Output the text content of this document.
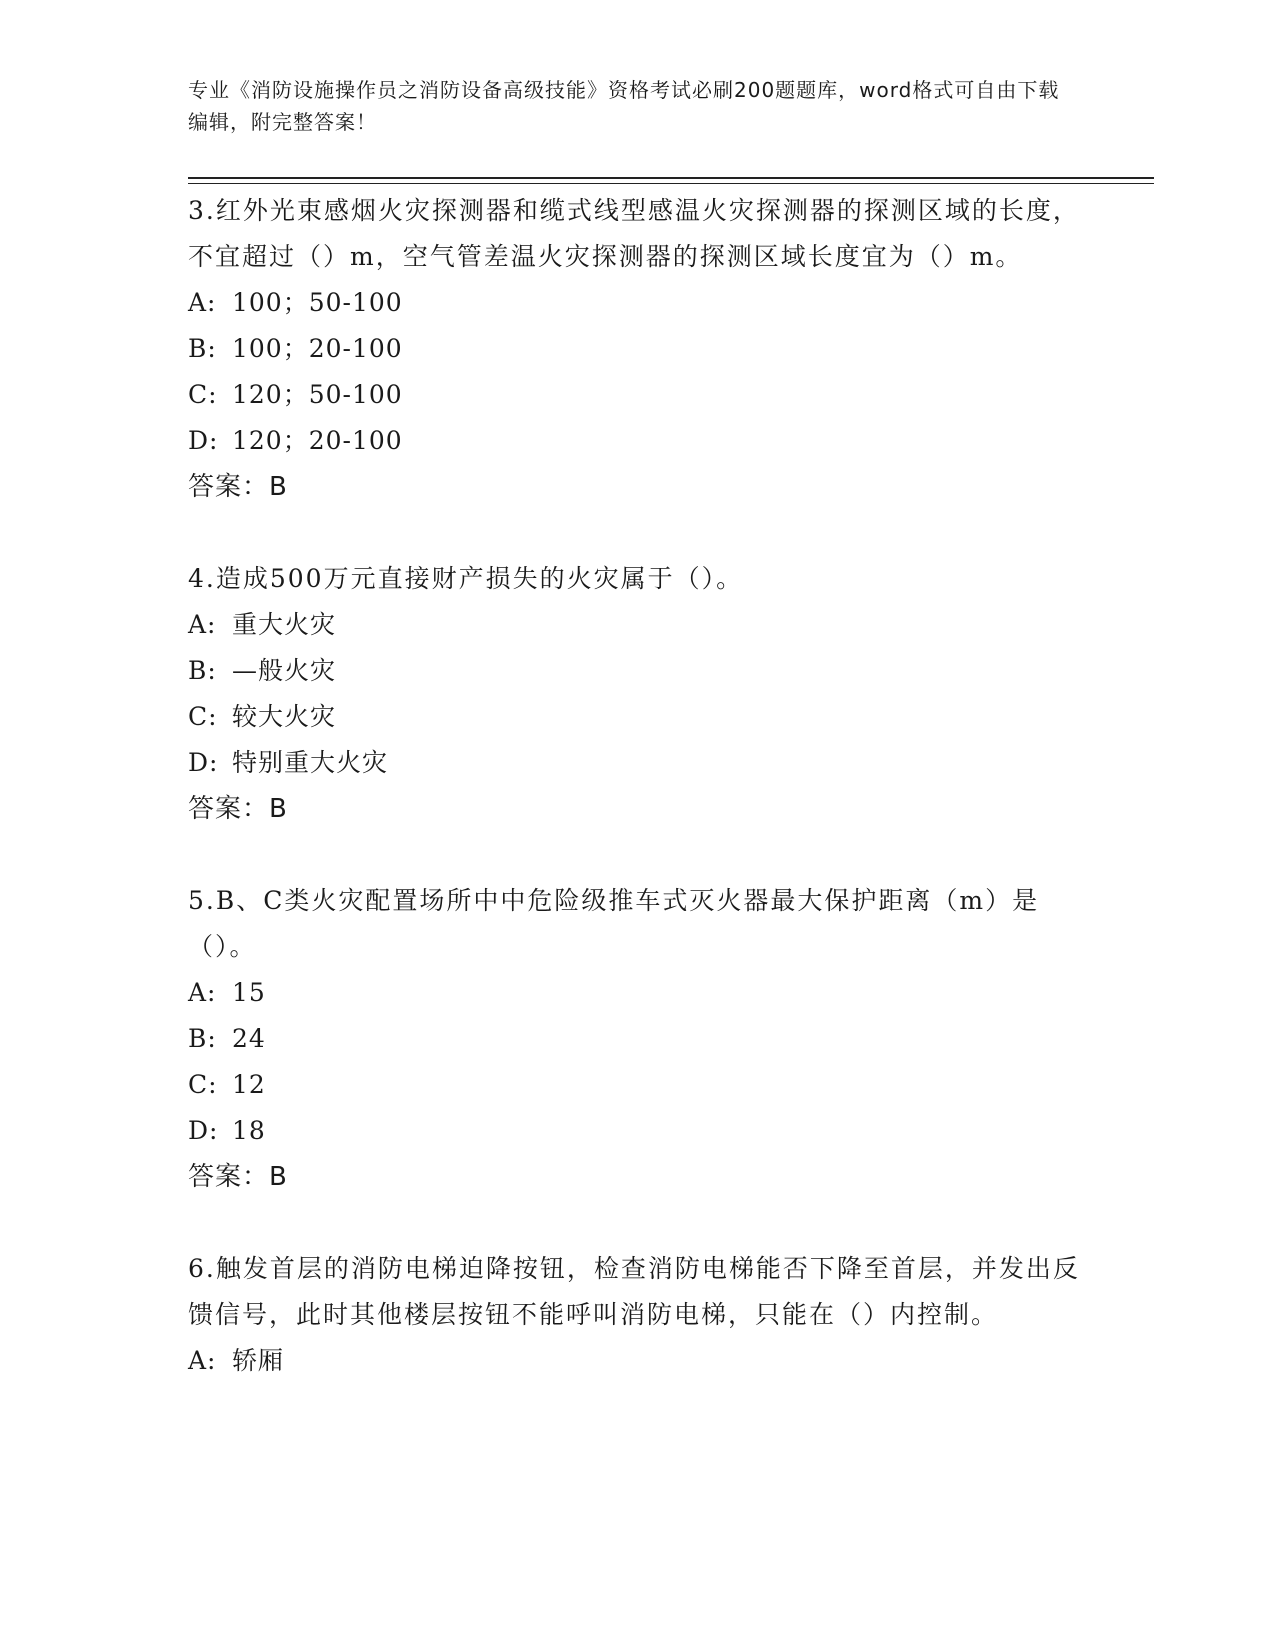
专业《消防设施操作员之消防设备高级技能》资格考试必刷200题题库，word格式可自由下载编辑，附完整答案！

3.红外光束感烟火灾探测器和缆式线型感温火灾探测器的探测区域的长度，不宜超过（）m，空气管差温火灾探测器的探测区域长度宜为（）m。

A: 100；50-100

B: 100；20-100

C: 120；50-100

D: 120；20-100

答案：B

4.造成500万元直接财产损失的火灾属于（）。

A: 重大火灾

B: —般火灾

C: 较大火灾

D: 特别重大火灾

答案：B

5.B、C类火灾配置场所中中危险级推车式灭火器最大保护距离（m）是（）。

A: 15

B: 24

C: 12

D: 18

答案：B

6.触发首层的消防电梯迫降按钮，检查消防电梯能否下降至首层，并发出反馈信号，此时其他楼层按钮不能呼叫消防电梯，只能在（）内控制。

A: 轿厢
